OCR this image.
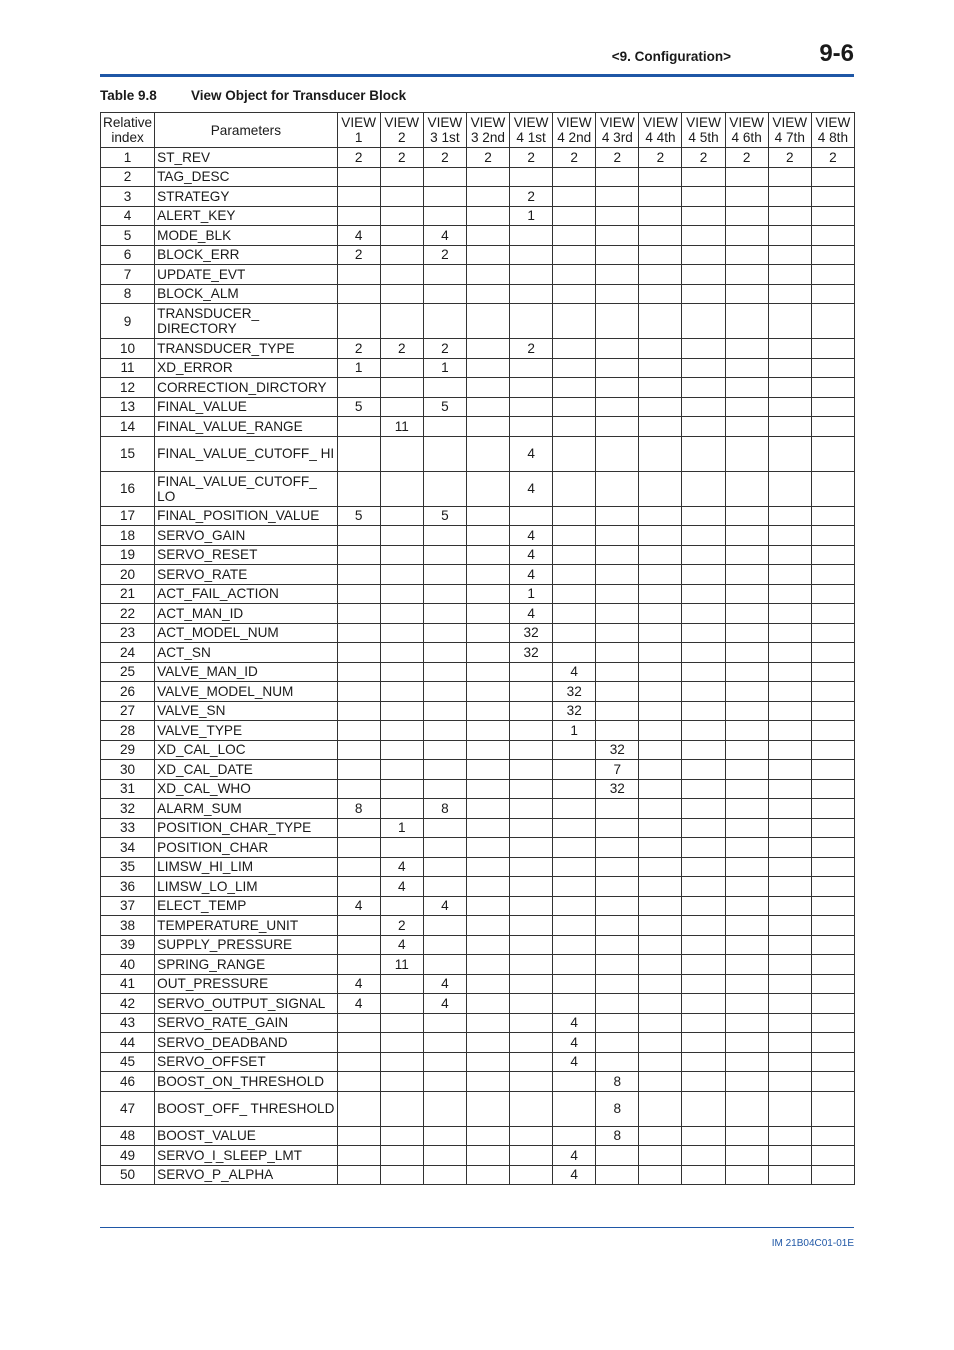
<9. Configuration>	9-6
Table 9.8	View Object for Transducer Block
Relative index	Parameters	VIEW 1	VIEW 2	VIEW 3 1st	VIEW 3 2nd	VIEW 4 1st	VIEW 4 2nd	VIEW 4 3rd	VIEW 4 4th	VIEW 4 5th	VIEW 4 6th	VIEW 4 7th	VIEW 4 8th
1	ST_REV	2	2	2	2	2	2	2	2	2	2	2	2
2	TAG_DESC												
3	STRATEGY					2							
4	ALERT_KEY					1							
5	MODE_BLK	4		4									
6	BLOCK_ERR	2		2									
7	UPDATE_EVT												
8	BLOCK_ALM												
9	TRANSDUCER_ DIRECTORY												
10	TRANSDUCER_TYPE	2	2	2		2							
11	XD_ERROR	1		1									
12	CORRECTION_DIRCTORY												
13	FINAL_VALUE	5		5									
14	FINAL_VALUE_RANGE		11										
15	FINAL_VALUE_CUTOFF_ HI					4							
16	FINAL_VALUE_CUTOFF_ LO					4							
17	FINAL_POSITION_VALUE	5		5									
18	SERVO_GAIN					4							
19	SERVO_RESET					4							
20	SERVO_RATE					4							
21	ACT_FAIL_ACTION					1							
22	ACT_MAN_ID					4							
23	ACT_MODEL_NUM					32							
24	ACT_SN					32							
25	VALVE_MAN_ID						4						
26	VALVE_MODEL_NUM						32						
27	VALVE_SN						32						
28	VALVE_TYPE						1						
29	XD_CAL_LOC							32					
30	XD_CAL_DATE							7					
31	XD_CAL_WHO							32					
32	ALARM_SUM	8		8									
33	POSITION_CHAR_TYPE		1										
34	POSITION_CHAR												
35	LIMSW_HI_LIM		4										
36	LIMSW_LO_LIM		4										
37	ELECT_TEMP	4		4									
38	TEMPERATURE_UNIT		2										
39	SUPPLY_PRESSURE		4										
40	SPRING_RANGE		11										
41	OUT_PRESSURE	4		4									
42	SERVO_OUTPUT_SIGNAL	4		4									
43	SERVO_RATE_GAIN						4						
44	SERVO_DEADBAND						4						
45	SERVO_OFFSET						4						
46	BOOST_ON_THRESHOLD							8					
47	BOOST_OFF_ THRESHOLD							8					
48	BOOST_VALUE							8					
49	SERVO_I_SLEEP_LMT						4						
50	SERVO_P_ALPHA						4						
IM 21B04C01-01E
